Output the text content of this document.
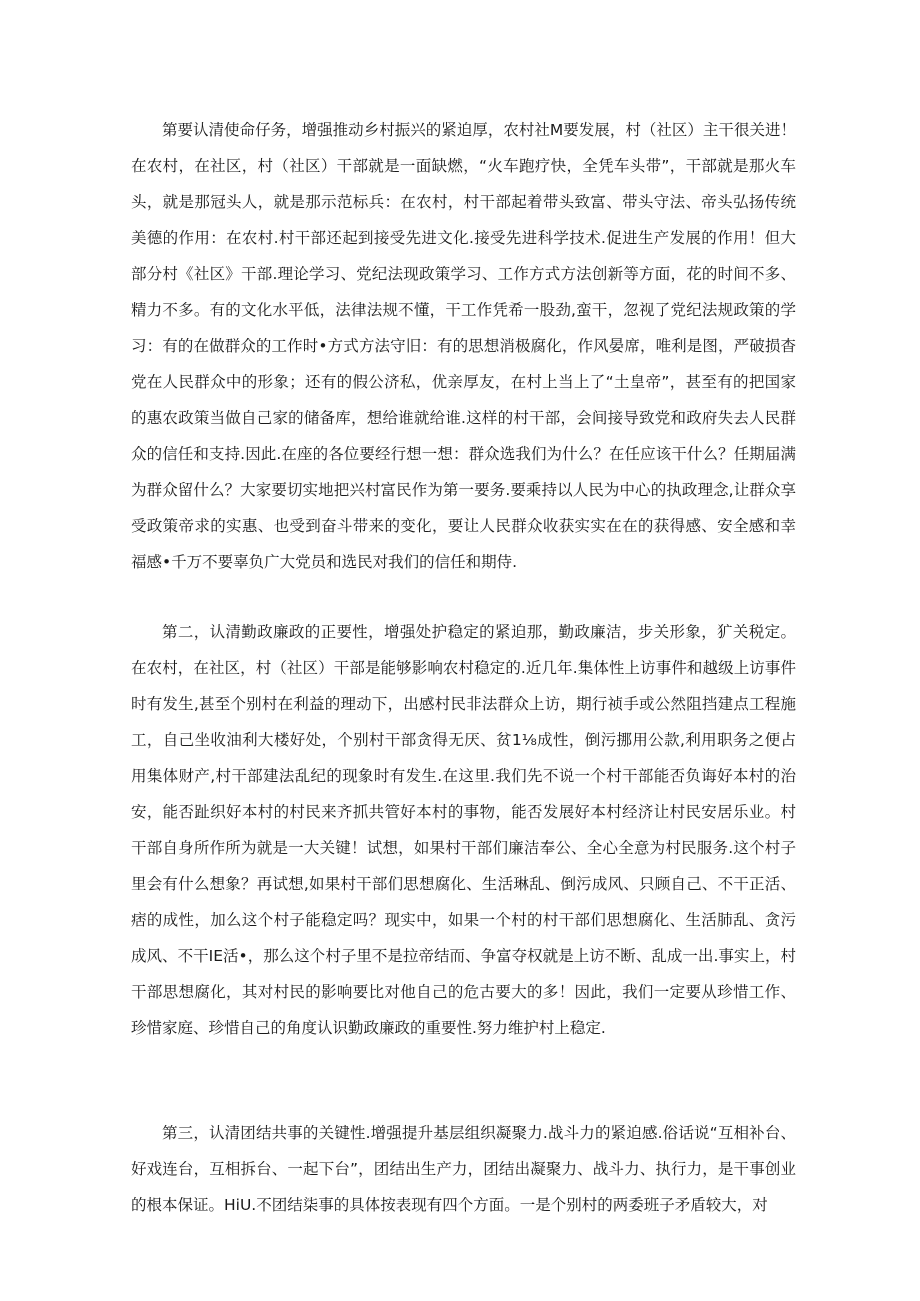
第要认清使命仔务，增强推动乡村振兴的紧迫厚，农村社M要发展，村（社区）主干很关进！在农村，在社区，村（社区）干部就是一面缺燃，“火车跑疗快，全凭车头带”，干部就是那火车头，就是那冠头人，就是那示范标兵：在农村，村干部起着带头致富、带头守法、帝头弘扬传统美德的作用：在农村.村干部还起到接受先进文化.接受先进科学技术.促进生产发展的作用！但大部分村《社区》干部.理论学习、党纪法现政策学习、工作方式方法创新等方面，花的时间不多、精力不多。有的文化水平低，法律法规不懂，干工作凭希一股劲,蛮干，忽视了党纪法规政策的学习：有的在做群众的工作时•方式方法守旧：有的思想消极腐化，作风晏席，唯利是图，严破损杳党在人民群众中的形象；还有的假公济私，优亲厚友，在村上当上了“土皇帝”，甚至有的把国家的惠农政策当做自己家的储备库，想给谁就给谁.这样的村干部，会间接导致党和政府失去人民群众的信任和支持.因此.在座的各位要经行想一想：群众选我们为什么？在任应该干什么？任期届满为群众留什么？大家要切实地把兴村富民作为第一要务.要乘持以人民为中心的执政理念,让群众享受政策帝求的实惠、也受到奋斗带来的变化，要让人民群众收获实实在在的获得感、安全感和幸福感•千万不要辜负广大党员和选民对我们的信任和期侍.

第二，认清勤政廉政的正要性，增强处护稳定的紧迫那，勤政廉洁，步关形象，犷关税定。在农村，在社区，村（社区）干部是能够影响农村稳定的.近几年.集体性上访事件和越级上访事件时有发生,甚至个别村在利益的理动下，出感村民非法群众上访，期行祯手或公然阻挡建点工程施工，自己坐收油利大楼好处，个别村干部贪得无厌、贫1⅛成性，倒污挪用公款,利用职务之便占用集体财产,村干部建法乱纪的现象时有发生.在这里.我们先不说一个村干部能否负诲好本村的治安，能否趾织好本村的村民来齐抓共管好本村的事物，能否发展好本村经济让村民安居乐业。村干部自身所作所为就是一大关键！试想，如果村干部们廉洁奉公、全心全意为村民服务.这个村子里会有什么想象？再试想,如果村干部们思想腐化、生活琳乱、倒污成风、只顾自己、不干正活、痞的成性，加么这个村子能稳定吗？现实中，如果一个村的村干部们思想腐化、生活肺乱、贪污成风、不干IE活•，那么这个村子里不是拉帝结而、争富夺权就是上访不断、乱成一出.事实上，村干部思想腐化，其对村民的影响要比对他自己的危古要大的多！因此，我们一定要从珍惜工作、珍惜家庭、珍惜自己的角度认识勤政廉政的重要性.努力维护村上稳定.

第三，认清团结共事的关键性.增强提升基层组织凝聚力.战斗力的紧迫感.俗话说“互相补台、好戏连台，互相拆台、一起下台”，团结出生产力，团结出凝聚力、战斗力、执行力，是干事创业的根本保证。HiU.不团结柒事的具体按表现有四个方面。一是个别村的两委班子矛盾较大，对
